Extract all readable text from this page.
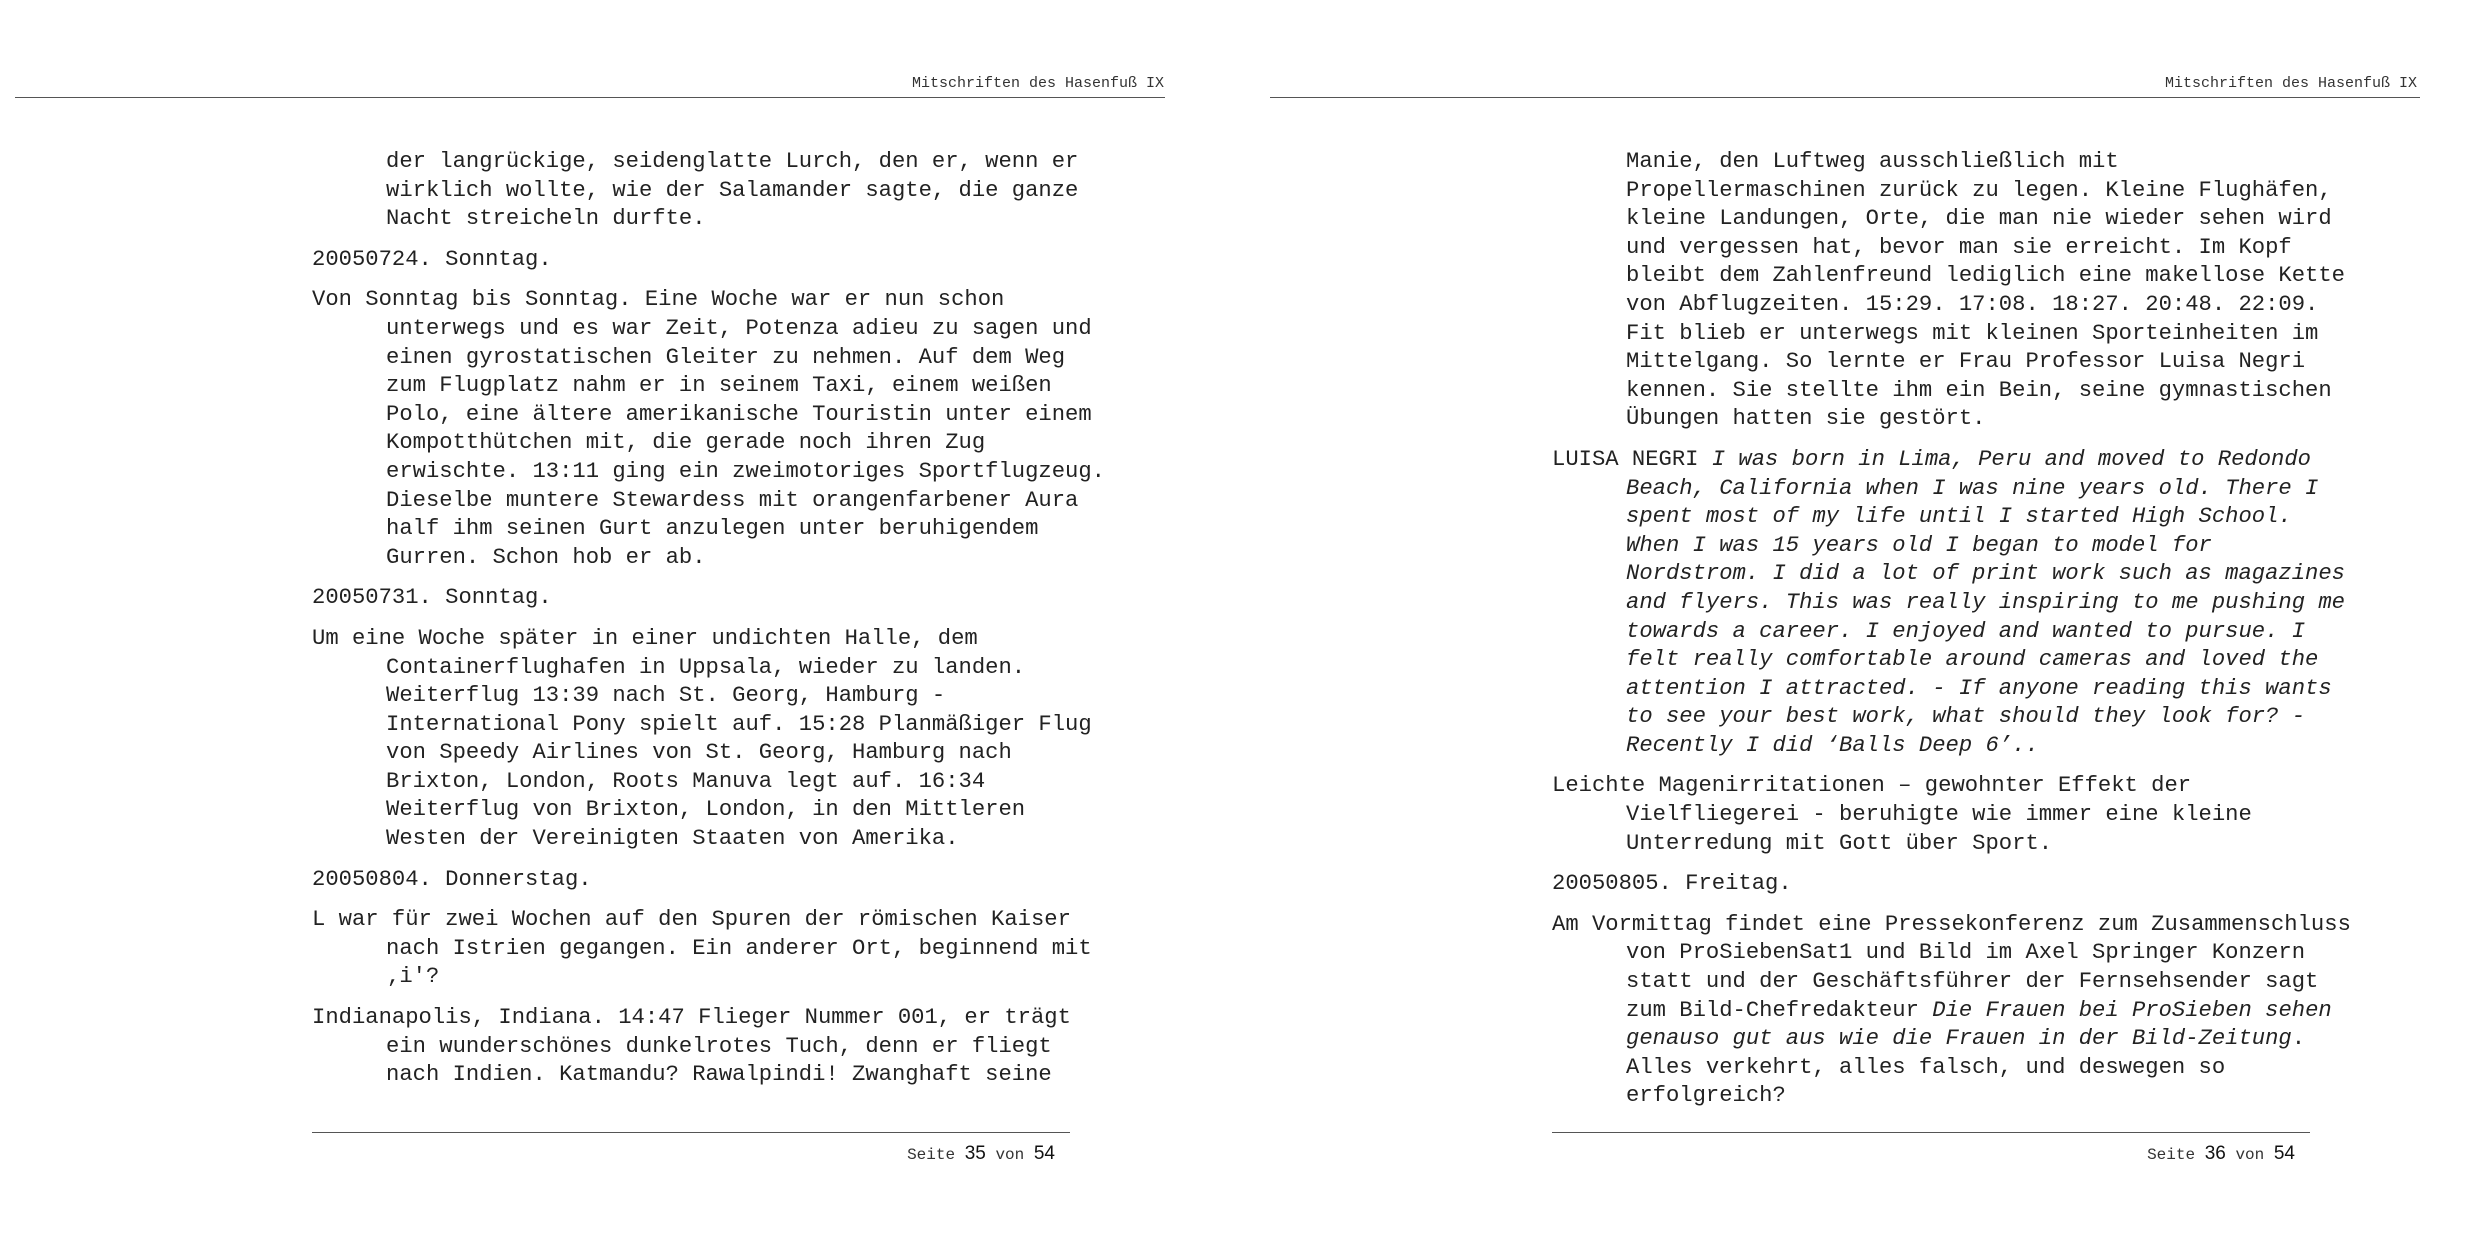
Mitschriften des Hasenfuß IX

der langrückige, seidenglatte Lurch, den er, wenn er
wirklich wollte, wie der Salamander sagte, die ganze
Nacht streicheln durfte.

20050724. Sonntag.

Von Sonntag bis Sonntag. Eine Woche war er nun schon
unterwegs und es war Zeit, Potenza adieu zu sagen und
einen gyrostatischen Gleiter zu nehmen. Auf dem Weg
zum Flugplatz nahm er in seinem Taxi, einem weißen
Polo, eine ältere amerikanische Touristin unter einem
Kompotthütchen mit, die gerade noch ihren Zug
erwischte. 13:11 ging ein zweimotoriges Sportflugzeug.
Dieselbe muntere Stewardess mit orangenfarbener Aura
half ihm seinen Gurt anzulegen unter beruhigendem
Gurren. Schon hob er ab.

20050731. Sonntag.

Um eine Woche später in einer undichten Halle, dem
Containerflughafen in Uppsala, wieder zu landen.
Weiterflug 13:39 nach St. Georg, Hamburg -
International Pony spielt auf. 15:28 Planmäßiger Flug
von Speedy Airlines von St. Georg, Hamburg nach
Brixton, London, Roots Manuva legt auf. 16:34
Weiterflug von Brixton, London, in den Mittleren
Westen der Vereinigten Staaten von Amerika.

20050804. Donnerstag.

L war für zwei Wochen auf den Spuren der römischen Kaiser
nach Istrien gegangen. Ein anderer Ort, beginnend mit
‚i'?

Indianapolis, Indiana. 14:47 Flieger Nummer 001, er trägt
ein wunderschönes dunkelrotes Tuch, denn er fliegt
nach Indien. Katmandu? Rawalpindi! Zwanghaft seine

Seite 35 von 54
Mitschriften des Hasenfuß IX

Manie, den Luftweg ausschließlich mit
Propellermaschinen zurück zu legen. Kleine Flughäfen,
kleine Landungen, Orte, die man nie wieder sehen wird
und vergessen hat, bevor man sie erreicht. Im Kopf
bleibt dem Zahlenfreund lediglich eine makellose Kette
von Abflugzeiten. 15:29. 17:08. 18:27. 20:48. 22:09.
Fit blieb er unterwegs mit kleinen Sporteinheiten im
Mittelgang. So lernte er Frau Professor Luisa Negri
kennen. Sie stellte ihm ein Bein, seine gymnastischen
Übungen hatten sie gestört.

LUISA NEGRI I was born in Lima, Peru and moved to Redondo
Beach, California when I was nine years old. There I
spent most of my life until I started High School.
When I was 15 years old I began to model for
Nordstrom. I did a lot of print work such as magazines
and flyers. This was really inspiring to me pushing me
towards a career. I enjoyed and wanted to pursue. I
felt really comfortable around cameras and loved the
attention I attracted. - If anyone reading this wants
to see your best work, what should they look for? -
Recently I did ‘Balls Deep 6’..

Leichte Magenirritationen – gewohnter Effekt der
Vielfliegerei - beruhigte wie immer eine kleine
Unterredung mit Gott über Sport.

20050805. Freitag.

Am Vormittag findet eine Pressekonferenz zum Zusammenschluss
von ProSiebenSat1 und Bild im Axel Springer Konzern
statt und der Geschäftsführer der Fernsehsender sagt
zum Bild-Chefredakteur Die Frauen bei ProSieben sehen
genauso gut aus wie die Frauen in der Bild-Zeitung.
Alles verkehrt, alles falsch, und deswegen so
erfolgreich?

Seite 36 von 54
